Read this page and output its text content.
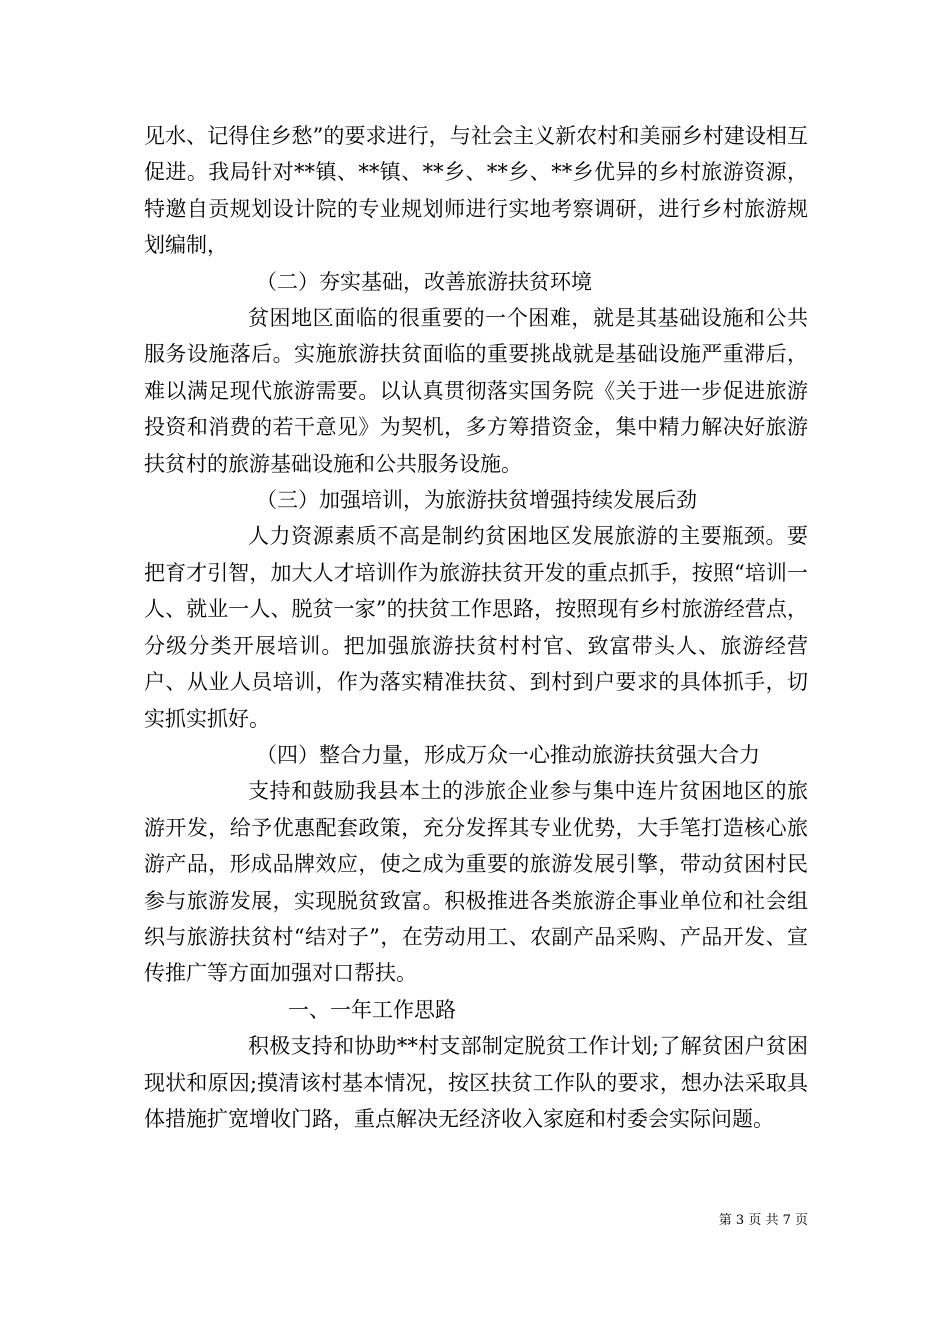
见水、记得住乡愁”的要求进行，与社会主义新农村和美丽乡村建设相互促进。我局针对**镇、**镇、**乡、**乡、**乡优异的乡村旅游资源，特邀自贡规划设计院的专业规划师进行实地考察调研，进行乡村旅游规划编制，

（二）夯实基础，改善旅游扶贫环境

贫困地区面临的很重要的一个困难，就是其基础设施和公共服务设施落后。实施旅游扶贫面临的重要挑战就是基础设施严重滞后，难以满足现代旅游需要。以认真贯彻落实国务院《关于进一步促进旅游投资和消费的若干意见》为契机，多方筹措资金，集中精力解决好旅游扶贫村的旅游基础设施和公共服务设施。

（三）加强培训，为旅游扶贫增强持续发展后劲

人力资源素质不高是制约贫困地区发展旅游的主要瓶颈。要把育才引智，加大人才培训作为旅游扶贫开发的重点抓手，按照“培训一人、就业一人、脱贫一家”的扶贫工作思路，按照现有乡村旅游经营点，分级分类开展培训。把加强旅游扶贫村村官、致富带头人、旅游经营户、从业人员培训，作为落实精准扶贫、到村到户要求的具体抓手，切实抓实抓好。

（四）整合力量，形成万众一心推动旅游扶贫强大合力

支持和鼓励我县本土的涉旅企业参与集中连片贫困地区的旅游开发，给予优惠配套政策，充分发挥其专业优势，大手笔打造核心旅游产品，形成品牌效应，使之成为重要的旅游发展引擎，带动贫困村民参与旅游发展，实现脱贫致富。积极推进各类旅游企事业单位和社会组织与旅游扶贫村“结对子”，在劳动用工、农副产品采购、产品开发、宣传推广等方面加强对口帮扶。

一、一年工作思路

积极支持和协助**村支部制定脱贫工作计划;了解贫困户贫困现状和原因;摸清该村基本情况，按区扶贫工作队的要求，想办法采取具体措施扩宽增收门路，重点解决无经济收入家庭和村委会实际问题。

第 3 页 共 7 页
